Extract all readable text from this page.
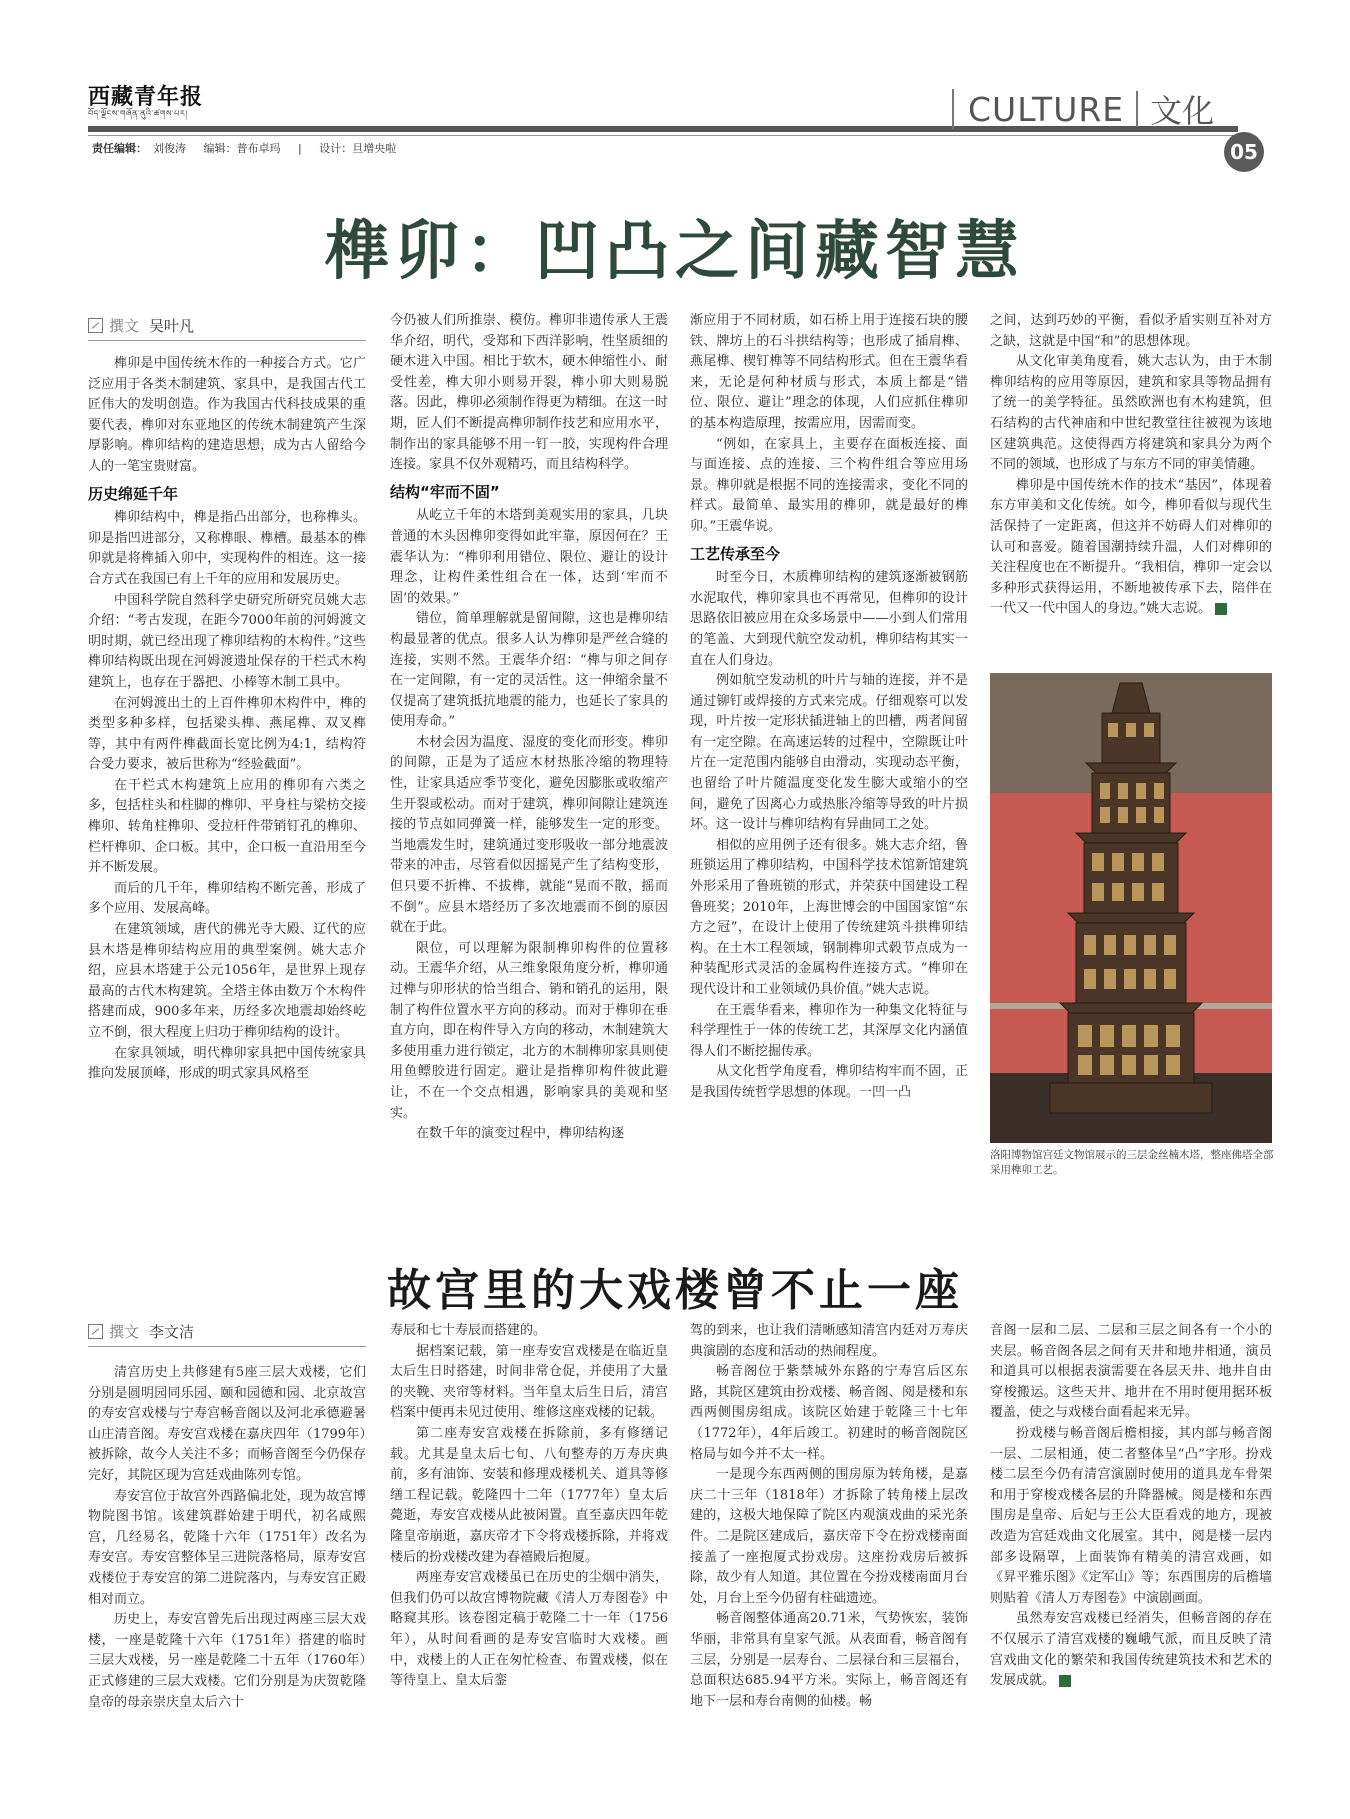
西藏青年报
བོད་ལྗོངས་གཞོན་ནུའི་ཚགས་པར།
责任编辑： 刘俊涛 编辑：普布卓玛 | 设计：旦增央啦
CULTURE 文化
05
榫卯：凹凸之间藏智慧
撰文 吴叶凡

榫卯是中国传统木作的一种接合方式。它广泛应用于各类木制建筑、家具中，是我国古代工匠伟大的发明创造。作为我国古代科技成果的重要代表，榫卯对东亚地区的传统木制建筑产生深厚影响。榫卯结构的建造思想，成为古人留给今人的一笔宝贵财富。

历史绵延千年

榫卯结构中，榫是指凸出部分，也称榫头。卯是指凹进部分，又称榫眼、榫槽。最基本的榫卯就是将榫插入卯中，实现构件的相连。这一接合方式在我国已有上千年的应用和发展历史。

中国科学院自然科学史研究所研究员姚大志介绍：“考古发现，在距今7000年前的河姆渡文明时期，就已经出现了榫卯结构的木构件。”这些榫卯结构既出现在河姆渡遗址保存的干栏式木构建筑上，也存在于器把、小棒等木制工具中。

在河姆渡出土的上百件榫卯木构件中，榫的类型多种多样，包括梁头榫、燕尾榫、双叉榫等，其中有两件榫截面长宽比例为4:1，结构符合受力要求，被后世称为“经验截面”。

在干栏式木构建筑上应用的榫卯有六类之多，包括柱头和柱脚的榫卯、平身柱与梁枋交接榫卯、转角柱榫卯、受拉杆件带销钉孔的榫卯、栏杆榫卯、企口板。其中，企口板一直沿用至今并不断发展。

而后的几千年，榫卯结构不断完善，形成了多个应用、发展高峰。

在建筑领域，唐代的佛光寺大殿、辽代的应县木塔是榫卯结构应用的典型案例。姚大志介绍，应县木塔建于公元1056年，是世界上现存最高的古代木构建筑。全塔主体由数万个木构件搭建而成，900多年来，历经多次地震却始终屹立不倒，很大程度上归功于榫卯结构的设计。

在家具领域，明代榫卯家具把中国传统家具推向发展顶峰，形成的明式家具风格至

今仍被人们所推崇、模仿。榫卯非遗传承人王震华介绍，明代，受郑和下西洋影响，性坚质细的硬木进入中国。相比于软木，硬木伸缩性小、耐受性差，榫大卯小则易开裂，榫小卯大则易脱落。因此，榫卯必须制作得更为精细。在这一时期，匠人们不断提高榫卯制作技艺和应用水平，制作出的家具能够不用一钉一胶，实现构件合理连接。家具不仅外观精巧，而且结构科学。

结构“牢而不固”

从屹立千年的木塔到美观实用的家具，几块普通的木头因榫卯变得如此牢靠，原因何在？王震华认为：“榫卯利用错位、限位、避让的设计理念，让构件柔性组合在一体，达到‘牢而不固’的效果。”

错位，简单理解就是留间隙，这也是榫卯结构最显著的优点。很多人认为榫卯是严丝合缝的连接，实则不然。王震华介绍：“榫与卯之间存在一定间隙，有一定的灵活性。这一伸缩余量不仅提高了建筑抵抗地震的能力，也延长了家具的使用寿命。”

木材会因为温度、湿度的变化而形变。榫卯的间隙，正是为了适应木材热胀冷缩的物理特性，让家具适应季节变化，避免因膨胀或收缩产生开裂或松动。而对于建筑，榫卯间隙让建筑连接的节点如同弹簧一样，能够发生一定的形变。当地震发生时，建筑通过变形吸收一部分地震波带来的冲击，尽管看似因摇晃产生了结构变形，但只要不折榫、不拔榫，就能“晃而不散，摇而不倒”。应县木塔经历了多次地震而不倒的原因就在于此。

限位，可以理解为限制榫卯构件的位置移动。王震华介绍，从三维象限角度分析，榫卯通过榫与卯形状的恰当组合、销和销孔的运用，限制了构件位置水平方向的移动。而对于榫卯在垂直方向，即在构件导入方向的移动，木制建筑大多使用重力进行锁定，北方的木制榫卯家具则使用鱼鳔胶进行固定。避让是指榫卯构件彼此避让，不在一个交点相遇，影响家具的美观和坚实。

在数千年的演变过程中，榫卯结构逐

渐应用于不同材质，如石桥上用于连接石块的腰铁、牌坊上的石斗拱结构等；也形成了插肩榫、燕尾榫、楔钉榫等不同结构形式。但在王震华看来，无论是何种材质与形式，本质上都是“错位、限位、避让”理念的体现，人们应抓住榫卯的基本构造原理，按需应用，因需而变。

“例如，在家具上，主要存在面板连接、面与面连接、点的连接、三个构件组合等应用场景。榫卯就是根据不同的连接需求，变化不同的样式。最简单、最实用的榫卯，就是最好的榫卯。”王震华说。

工艺传承至今

时至今日，木质榫卯结构的建筑逐渐被钢筋水泥取代，榫卯家具也不再常见，但榫卯的设计思路依旧被应用在众多场景中——小到人们常用的笔盖、大到现代航空发动机，榫卯结构其实一直在人们身边。

例如航空发动机的叶片与轴的连接，并不是通过铆钉或焊接的方式来完成。仔细观察可以发现，叶片按一定形状插进轴上的凹槽，两者间留有一定空隙。在高速运转的过程中，空隙既让叶片在一定范围内能够自由滑动，实现动态平衡，也留给了叶片随温度变化发生膨大或缩小的空间，避免了因离心力或热胀冷缩等导致的叶片损坏。这一设计与榫卯结构有异曲同工之处。

相似的应用例子还有很多。姚大志介绍，鲁班锁运用了榫卯结构，中国科学技术馆新馆建筑外形采用了鲁班锁的形式，并荣获中国建设工程鲁班奖；2010年，上海世博会的中国国家馆“东方之冠”，在设计上使用了传统建筑斗拱榫卯结构。在土木工程领域，钢制榫卯式毂节点成为一种装配形式灵活的金属构件连接方式。“榫卯在现代设计和工业领域仍具价值。”姚大志说。

在王震华看来，榫卯作为一种集文化特征与科学理性于一体的传统工艺，其深厚文化内涵值得人们不断挖掘传承。

从文化哲学角度看，榫卯结构牢而不固，正是我国传统哲学思想的体现。一凹一凸

之间，达到巧妙的平衡，看似矛盾实则互补对方之缺，这就是中国“和”的思想体现。

从文化审美角度看，姚大志认为，由于木制榫卯结构的应用等原因，建筑和家具等物品拥有了统一的美学特征。虽然欧洲也有木构建筑，但石结构的古代神庙和中世纪教堂往往被视为该地区建筑典范。这使得西方将建筑和家具分为两个不同的领域，也形成了与东方不同的审美情趣。

榫卯是中国传统木作的技术“基因”，体现着东方审美和文化传统。如今，榫卯看似与现代生活保持了一定距离，但这并不妨碍人们对榫卯的认可和喜爱。随着国潮持续升温，人们对榫卯的关注程度也在不断提升。“我相信，榫卯一定会以多种形式获得运用，不断地被传承下去，陪伴在一代又一代中国人的身边。”姚大志说。

洛阳博物馆宫廷文物馆展示的三层金丝楠木塔，整座佛塔全部采用榫卯工艺。
故宫里的大戏楼曾不止一座
撰文 李文洁

清宫历史上共修建有5座三层大戏楼，它们分别是圆明园同乐园、颐和园德和园、北京故宫的寿安宫戏楼与宁寿宫畅音阁以及河北承德避暑山庄清音阁。寿安宫戏楼在嘉庆四年（1799年）被拆除，故今人关注不多；而畅音阁至今仍保存完好，其院区现为宫廷戏曲陈列专馆。

寿安宫位于故宫外西路偏北处，现为故宫博物院图书馆。该建筑群始建于明代，初名咸熙宫，几经易名，乾隆十六年（1751年）改名为寿安宫。寿安宫整体呈三进院落格局，原寿安宫戏楼位于寿安宫的第二进院落内，与寿安宫正殿相对而立。

历史上，寿安宫曾先后出现过两座三层大戏楼，一座是乾隆十六年（1751年）搭建的临时三层大戏楼，另一座是乾隆二十五年（1760年）正式修建的三层大戏楼。它们分别是为庆贺乾隆皇帝的母亲崇庆皇太后六十

寿辰和七十寿辰而搭建的。

据档案记载，第一座寿安宫戏楼是在临近皇太后生日时搭建，时间非常仓促，并使用了大量的夹鞔、夹帘等材料。当年皇太后生日后，清宫档案中便再未见过使用、维修这座戏楼的记载。

第二座寿安宫戏楼在拆除前，多有修缮记载。尤其是皇太后七旬、八旬整寿的万寿庆典前，多有油饰、安装和修理戏楼机关、道具等修缮工程记载。乾隆四十二年（1777年）皇太后薨逝，寿安宫戏楼从此被闲置。直至嘉庆四年乾隆皇帝崩逝，嘉庆帝才下令将戏楼拆除，并将戏楼后的扮戏楼改建为春禧殿后抱厦。

两座寿安宫戏楼虽已在历史的尘烟中消失，但我们仍可以故宫博物院藏《清人万寿图卷》中略窥其形。该卷图定稿于乾隆二十一年（1756年），从时间看画的是寿安宫临时大戏楼。画中，戏楼上的人正在匆忙检查、布置戏楼，似在等待皇上、皇太后銮

驾的到来，也让我们清晰感知清宫内廷对万寿庆典演剧的态度和活动的热闹程度。

畅音阁位于紫禁城外东路的宁寿宫后区东路，其院区建筑由扮戏楼、畅音阁、阅是楼和东西两侧围房组成。该院区始建于乾隆三十七年（1772年），4年后竣工。初建时的畅音阁院区格局与如今并不太一样。

一是现今东西两侧的围房原为转角楼，是嘉庆二十三年（1818年）才拆除了转角楼上层改建的，这极大地保障了院区内观演戏曲的采光条件。二是院区建成后，嘉庆帝下令在扮戏楼南面接盖了一座抱厦式扮戏房。这座扮戏房后被拆除，故少有人知道。其位置在今扮戏楼南面月台处，月台上至今仍留有柱础遗迹。

畅音阁整体通高20.71米，气势恢宏，装饰华丽，非常具有皇家气派。从表面看，畅音阁有三层，分别是一层寿台、二层禄台和三层福台，总面积达685.94平方米。实际上，畅音阁还有地下一层和寿台南侧的仙楼。畅

音阁一层和二层、二层和三层之间各有一个小的夹层。畅音阁各层之间有天井和地井相通，演员和道具可以根据表演需要在各层天井、地井自由穿梭搬运。这些天井、地井在不用时便用据环板覆盖，使之与戏楼台面看起来无异。

扮戏楼与畅音阁后檐相接，其内部与畅音阁一层、二层相通，使二者整体呈“凸”字形。扮戏楼二层至今仍有清宫演剧时使用的道具龙车骨架和用于穿梭戏楼各层的升降器械。阅是楼和东西围房是皇帝、后妃与王公大臣看戏的地方，现被改造为宫廷戏曲文化展室。其中，阅是楼一层内部多设隔罩，上面装饰有精美的清宫戏画，如《昇平雅乐图》《定军山》等；东西围房的后檐墙则贴着《清人万寿图卷》中演剧画面。

虽然寿安宫戏楼已经消失，但畅音阁的存在不仅展示了清宫戏楼的巍峨气派，而且反映了清宫戏曲文化的繁荣和我国传统建筑技术和艺术的发展成就。
